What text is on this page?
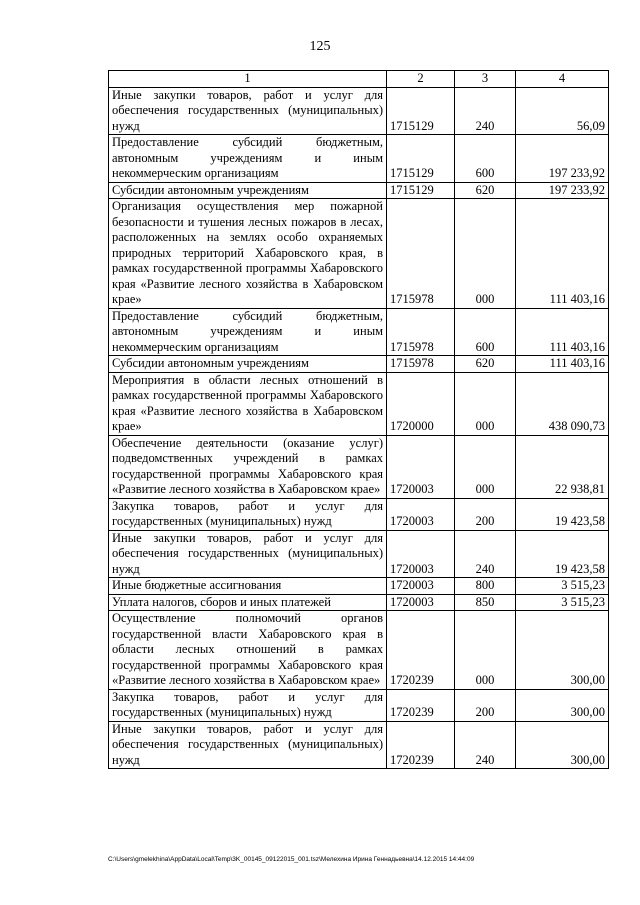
125
1	2	3	4
Иные закупки товаров, работ и услуг для обеспечения государственных (муниципальных) нужд	1715129	240	56,09
Предоставление субсидий бюджетным, автономным учреждениям и иным некоммерческим организациям	1715129	600	197 233,92
Субсидии автономным учреждениям	1715129	620	197 233,92
Организация осуществления мер пожарной безопасности и тушения лесных пожаров в лесах, расположенных на землях особо охраняемых природных территорий Хабаровского края, в рамках государственной программы Хабаровского края «Развитие лесного хозяйства в Хабаровском крае»	1715978	000	111 403,16
Предоставление субсидий бюджетным, автономным учреждениям и иным некоммерческим организациям	1715978	600	111 403,16
Субсидии автономным учреждениям	1715978	620	111 403,16
Мероприятия в области лесных отношений в рамках государственной программы Хабаровского края «Развитие лесного хозяйства в Хабаровском крае»	1720000	000	438 090,73
Обеспечение деятельности (оказание услуг) подведомственных учреждений в рамках государственной программы Хабаровского края «Развитие лесного хозяйства в Хабаровском крае»	1720003	000	22 938,81
Закупка товаров, работ и услуг для государственных (муниципальных) нужд	1720003	200	19 423,58
Иные закупки товаров, работ и услуг для обеспечения государственных (муниципальных) нужд	1720003	240	19 423,58
Иные бюджетные ассигнования	1720003	800	3 515,23
Уплата налогов, сборов и иных платежей	1720003	850	3 515,23
Осуществление полномочий органов государственной власти Хабаровского края в области лесных отношений в рамках государственной программы Хабаровского края «Развитие лесного хозяйства в Хабаровском крае»	1720239	000	300,00
Закупка товаров, работ и услуг для государственных (муниципальных) нужд	1720239	200	300,00
Иные закупки товаров, работ и услуг для обеспечения государственных (муниципальных) нужд	1720239	240	300,00
C:\Users\gmelekhina\AppData\Local\Temp\3K_00145_09122015_001.tsz\Мелехина Ирина Геннадьевна\14.12.2015 14:44:09
